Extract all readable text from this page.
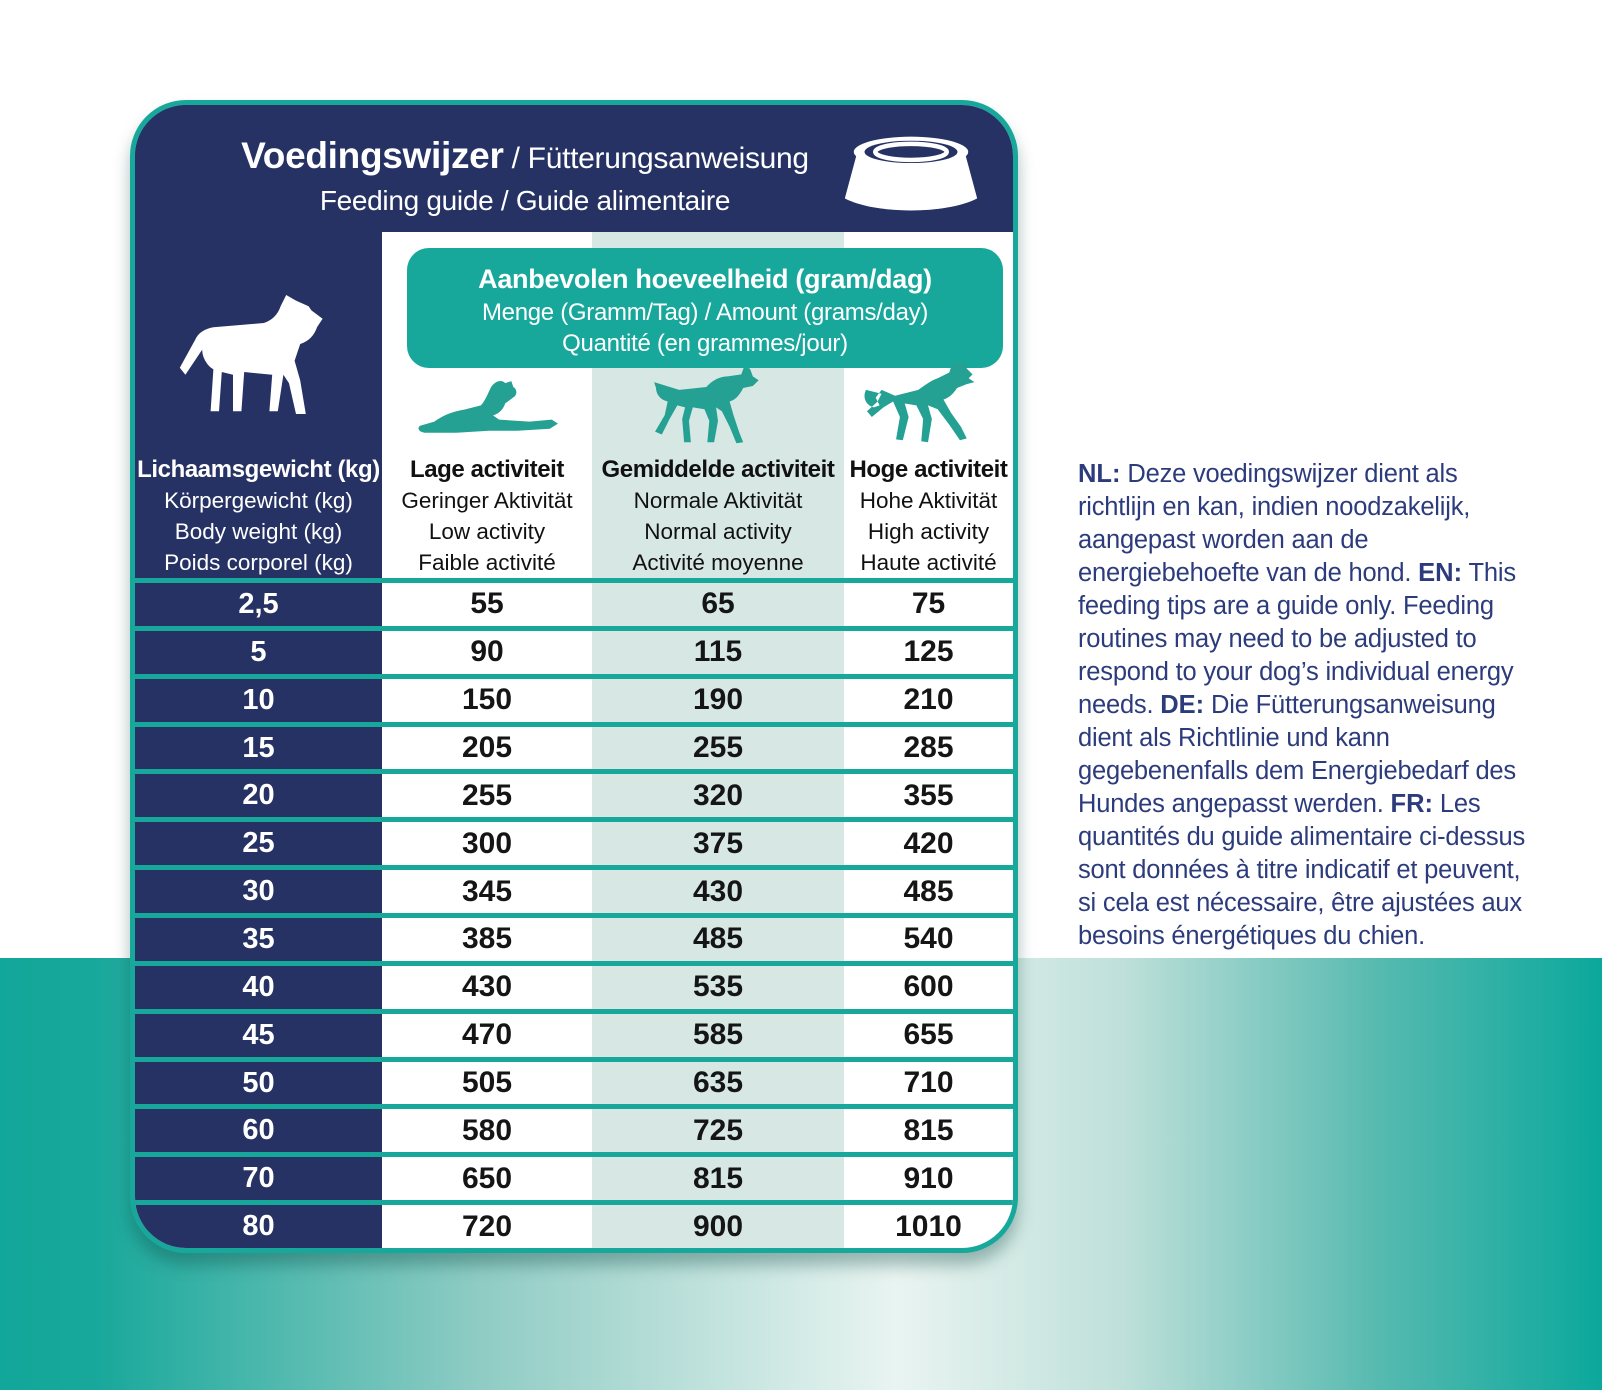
Voedingswijzer / Fütterungsanweisung
Feeding guide / Guide alimentaire
Aanbevolen hoeveelheid (gram/dag)
Menge (Gramm/Tag) / Amount (grams/day)
Quantité (en grammes/jour)
Lichaamsgewicht (kg)
Körpergewicht (kg)
Body weight (kg)
Poids corporel (kg)
Lage activiteit
Geringer Aktivität
Low activity
Faible activité
Gemiddelde activiteit
Normale Aktivität
Normal activity
Activité moyenne
Hoge activiteit
Hohe Aktivität
High activity
Haute activité
2,5	55	65	75
5	90	115	125
10	150	190	210
15	205	255	285
20	255	320	355
25	300	375	420
30	345	430	485
35	385	485	540
40	430	535	600
45	470	585	655
50	505	635	710
60	580	725	815
70	650	815	910
80	720	900	1010
NL: Deze voedingswijzer dient als richtlijn en kan, indien noodzakelijk, aangepast worden aan de energiebehoefte van de hond. EN: This feeding tips are a guide only. Feeding routines may need to be adjusted to respond to your dog’s individual energy needs. DE: Die Fütterungsanweisung dient als Richtlinie und kann gegebenenfalls dem Energiebedarf des Hundes angepasst werden. FR: Les quantités du guide alimentaire ci-dessus sont données à titre indicatif et peuvent, si cela est nécessaire, être ajustées aux besoins énergétiques du chien.
